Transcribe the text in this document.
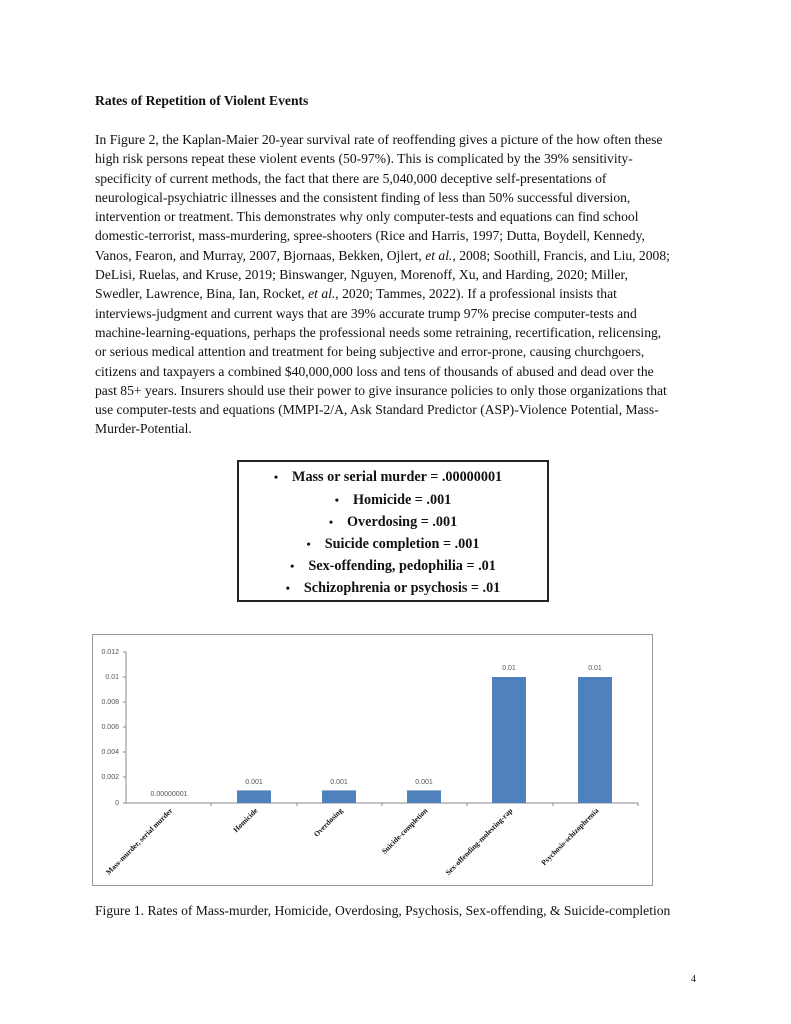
Rates of Repetition of Violent Events
In Figure 2, the Kaplan-Maier 20-year survival rate of reoffending gives a picture of the how often these
high risk persons repeat these violent events (50-97%). This is complicated by the 39% sensitivity-
specificity of current methods, the fact that there are 5,040,000 deceptive self-presentations of
neurological-psychiatric illnesses and the consistent finding of less than 50% successful diversion,
intervention or treatment. This demonstrates why only computer-tests and equations can find school
domestic-terrorist, mass-murdering, spree-shooters (Rice and Harris, 1997; Dutta, Boydell, Kennedy,
Vanos, Fearon, and Murray, 2007, Bjornaas, Bekken, Ojlert, et al., 2008; Soothill, Francis, and Liu, 2008;
DeLisi, Ruelas, and Kruse, 2019; Binswanger, Nguyen, Morenoff, Xu, and Harding, 2020; Miller,
Swedler, Lawrence, Bina, Ian, Rocket, et al., 2020; Tammes, 2022). If a professional insists that
interviews-judgment and current ways that are 39% accurate trump 97% precise computer-tests and
machine-learning-equations, perhaps the professional needs some retraining, recertification, relicensing,
or serious medical attention and treatment for being subjective and error-prone, causing churchgoers,
citizens and taxpayers a combined $40,000,000 loss and tens of thousands of abused and dead over the
past 85+ years. Insurers should use their power to give insurance policies to only those organizations that
use computer-tests and equations (MMPI-2/A, Ask Standard Predictor (ASP)-Violence Potential, Mass-
Murder-Potential.
• Mass or serial murder = .00000001
• Homicide = .001
• Overdosing = .001
• Suicide completion = .001
• Sex-offending, pedophilia = .01
• Schizophrenia or psychosis = .01
0.012
0.01
0.008
0.006
0.004
0.002
0
0.00000001
0.001	0.001	0.001
0.01	0.01
Mass-murder, serial murder	Homicide	Overdosing	Suicide-completion Sex-offending-molesting-rap	Psychosis-schizophrenia
Figure 1. Rates of Mass-murder, Homicide, Overdosing, Psychosis, Sex-offending, & Suicide-completion
4
